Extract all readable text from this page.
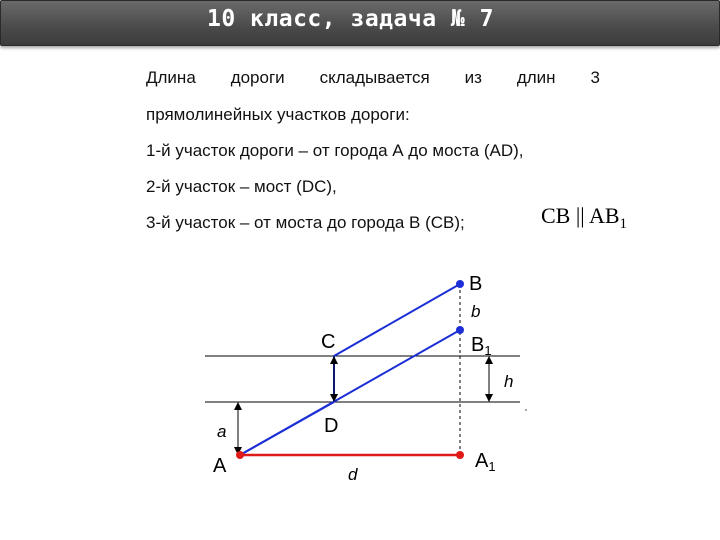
10 класс, задача № 7
Длина дороги складывается из длин 3
прямолинейных участков дороги:
1-й участок дороги – от города А до моста (AD),
2-й участок – мост (DC),
3-й участок – от моста до города В (CВ);	CB || $AB_1$
B
b
C	$B_1$
h
D
a
A	d
$A_1$
